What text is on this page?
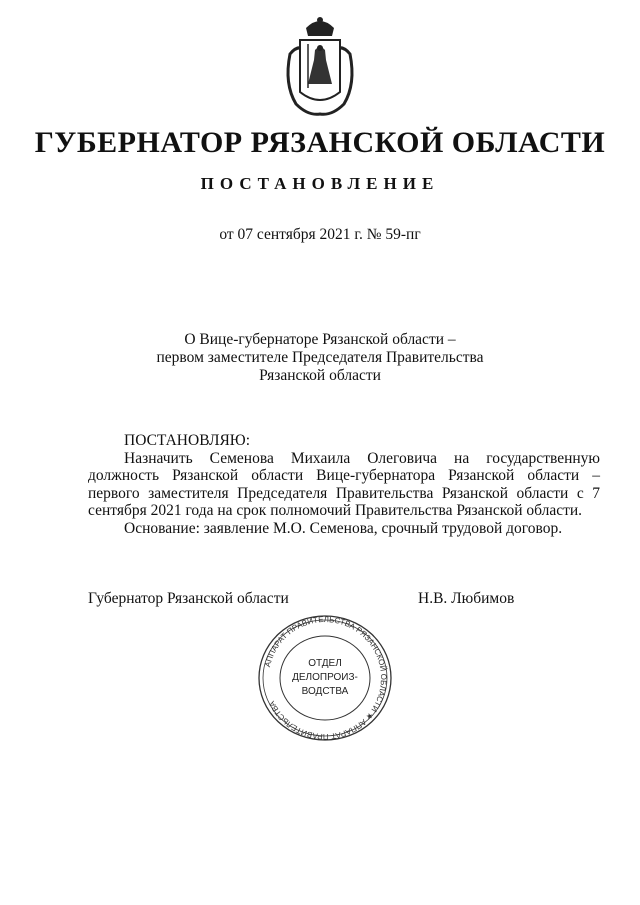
ГУБЕРНАТОР РЯЗАНСКОЙ ОБЛАСТИ
ПОСТАНОВЛЕНИЕ
от 07 сентября 2021 г. № 59-пг
О Вице-губернаторе Рязанской области –
первом заместителе Председателя Правительства
Рязанской области

ПОСТАНОВЛЯЮ:

Назначить Семенова Михаила Олеговича на государственную должность Рязанской области Вице-губернатора Рязанской области – первого заместителя Председателя Правительства Рязанской области с 7 сентября 2021 года на срок полномочий Правительства Рязанской области.

Основание: заявление М.О. Семенова, срочный трудовой договор.

Губернатор Рязанской области	Н.В. Любимов
АППАРАТ ПРАВИТЕЛЬСТВА РЯЗАНСКОЙ ОБЛАСТИ ★ АППАРАТ ПРАВИТЕЛЬСТВА
ОТДЕЛ
ДЕЛОПРОИЗ-
ВОДСТВА
